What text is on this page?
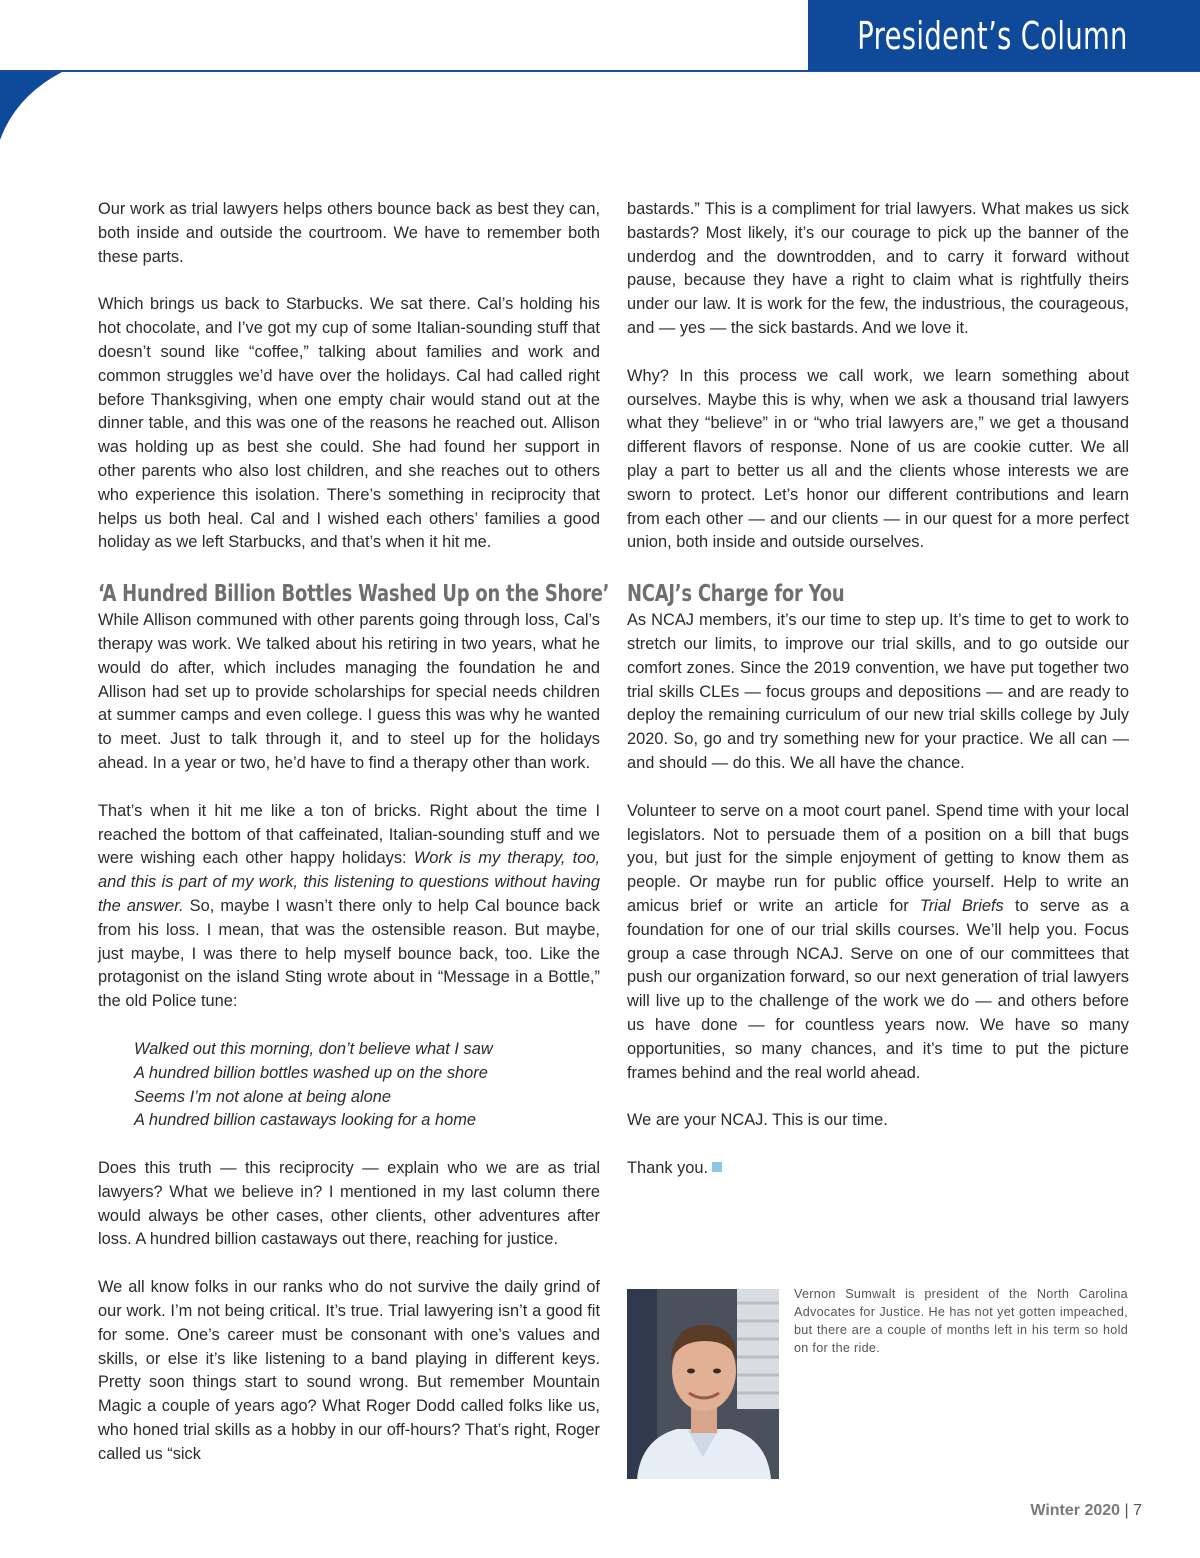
President’s Column

Our work as trial lawyers helps others bounce back as best they can, both inside and outside the courtroom. We have to remember both these parts.

Which brings us back to Starbucks. We sat there. Cal’s holding his hot chocolate, and I’ve got my cup of some Italian-sounding stuff that doesn’t sound like “coffee,” talking about families and work and common struggles we’d have over the holidays. Cal had called right before Thanksgiving, when one empty chair would stand out at the dinner table, and this was one of the reasons he reached out. Allison was holding up as best she could. She had found her support in other parents who also lost children, and she reaches out to others who experience this isolation. There’s something in reciprocity that helps us both heal. Cal and I wished each others’ families a good holiday as we left Starbucks, and that’s when it hit me.

‘A Hundred Billion Bottles Washed Up on the Shore’

While Allison communed with other parents going through loss, Cal’s therapy was work. We talked about his retiring in two years, what he would do after, which includes managing the foundation he and Allison had set up to provide scholarships for special needs children at summer camps and even college. I guess this was why he wanted to meet. Just to talk through it, and to steel up for the holidays ahead. In a year or two, he’d have to find a therapy other than work.

That’s when it hit me like a ton of bricks. Right about the time I reached the bottom of that caffeinated, Italian-sounding stuff and we were wishing each other happy holidays: Work is my therapy, too, and this is part of my work, this listening to questions without having the answer. So, maybe I wasn’t there only to help Cal bounce back from his loss. I mean, that was the ostensible reason. But maybe, just maybe, I was there to help myself bounce back, too. Like the protagonist on the island Sting wrote about in “Message in a Bottle,” the old Police tune:

Walked out this morning, don’t believe what I saw
A hundred billion bottles washed up on the shore
Seems I’m not alone at being alone
A hundred billion castaways looking for a home

Does this truth — this reciprocity — explain who we are as trial lawyers? What we believe in? I mentioned in my last column there would always be other cases, other clients, other adventures after loss. A hundred billion castaways out there, reaching for justice.

We all know folks in our ranks who do not survive the daily grind of our work. I’m not being critical. It’s true. Trial lawyering isn’t a good fit for some. One’s career must be consonant with one’s values and skills, or else it’s like listening to a band playing in different keys. Pretty soon things start to sound wrong. But remember Mountain Magic a couple of years ago? What Roger Dodd called folks like us, who honed trial skills as a hobby in our off-hours? That’s right, Roger called us “sick

bastards.” This is a compliment for trial lawyers. What makes us sick bastards? Most likely, it’s our courage to pick up the banner of the underdog and the downtrodden, and to carry it forward without pause, because they have a right to claim what is rightfully theirs under our law. It is work for the few, the industrious, the courageous, and — yes — the sick bastards. And we love it.

Why? In this process we call work, we learn something about ourselves. Maybe this is why, when we ask a thousand trial lawyers what they “believe” in or “who trial lawyers are,” we get a thousand different flavors of response. None of us are cookie cutter. We all play a part to better us all and the clients whose interests we are sworn to protect. Let’s honor our different contributions and learn from each other — and our clients — in our quest for a more perfect union, both inside and outside ourselves.

NCAJ’s Charge for You

As NCAJ members, it’s our time to step up. It’s time to get to work to stretch our limits, to improve our trial skills, and to go outside our comfort zones. Since the 2019 convention, we have put together two trial skills CLEs — focus groups and depositions — and are ready to deploy the remaining curriculum of our new trial skills college by July 2020. So, go and try something new for your practice. We all can — and should — do this. We all have the chance.

Volunteer to serve on a moot court panel. Spend time with your local legislators. Not to persuade them of a position on a bill that bugs you, but just for the simple enjoyment of getting to know them as people. Or maybe run for public office yourself. Help to write an amicus brief or write an article for Trial Briefs to serve as a foundation for one of our trial skills courses. We’ll help you. Focus group a case through NCAJ. Serve on one of our committees that push our organization forward, so our next generation of trial lawyers will live up to the challenge of the work we do — and others before us have done — for countless years now. We have so many opportunities, so many chances, and it’s time to put the picture frames behind and the real world ahead.

We are your NCAJ. This is our time.

Thank you.

Vernon Sumwalt is president of the North Carolina Advocates for Justice. He has not yet gotten impeached, but there are a couple of months left in his term so hold on for the ride.
Winter 2020 | 7
